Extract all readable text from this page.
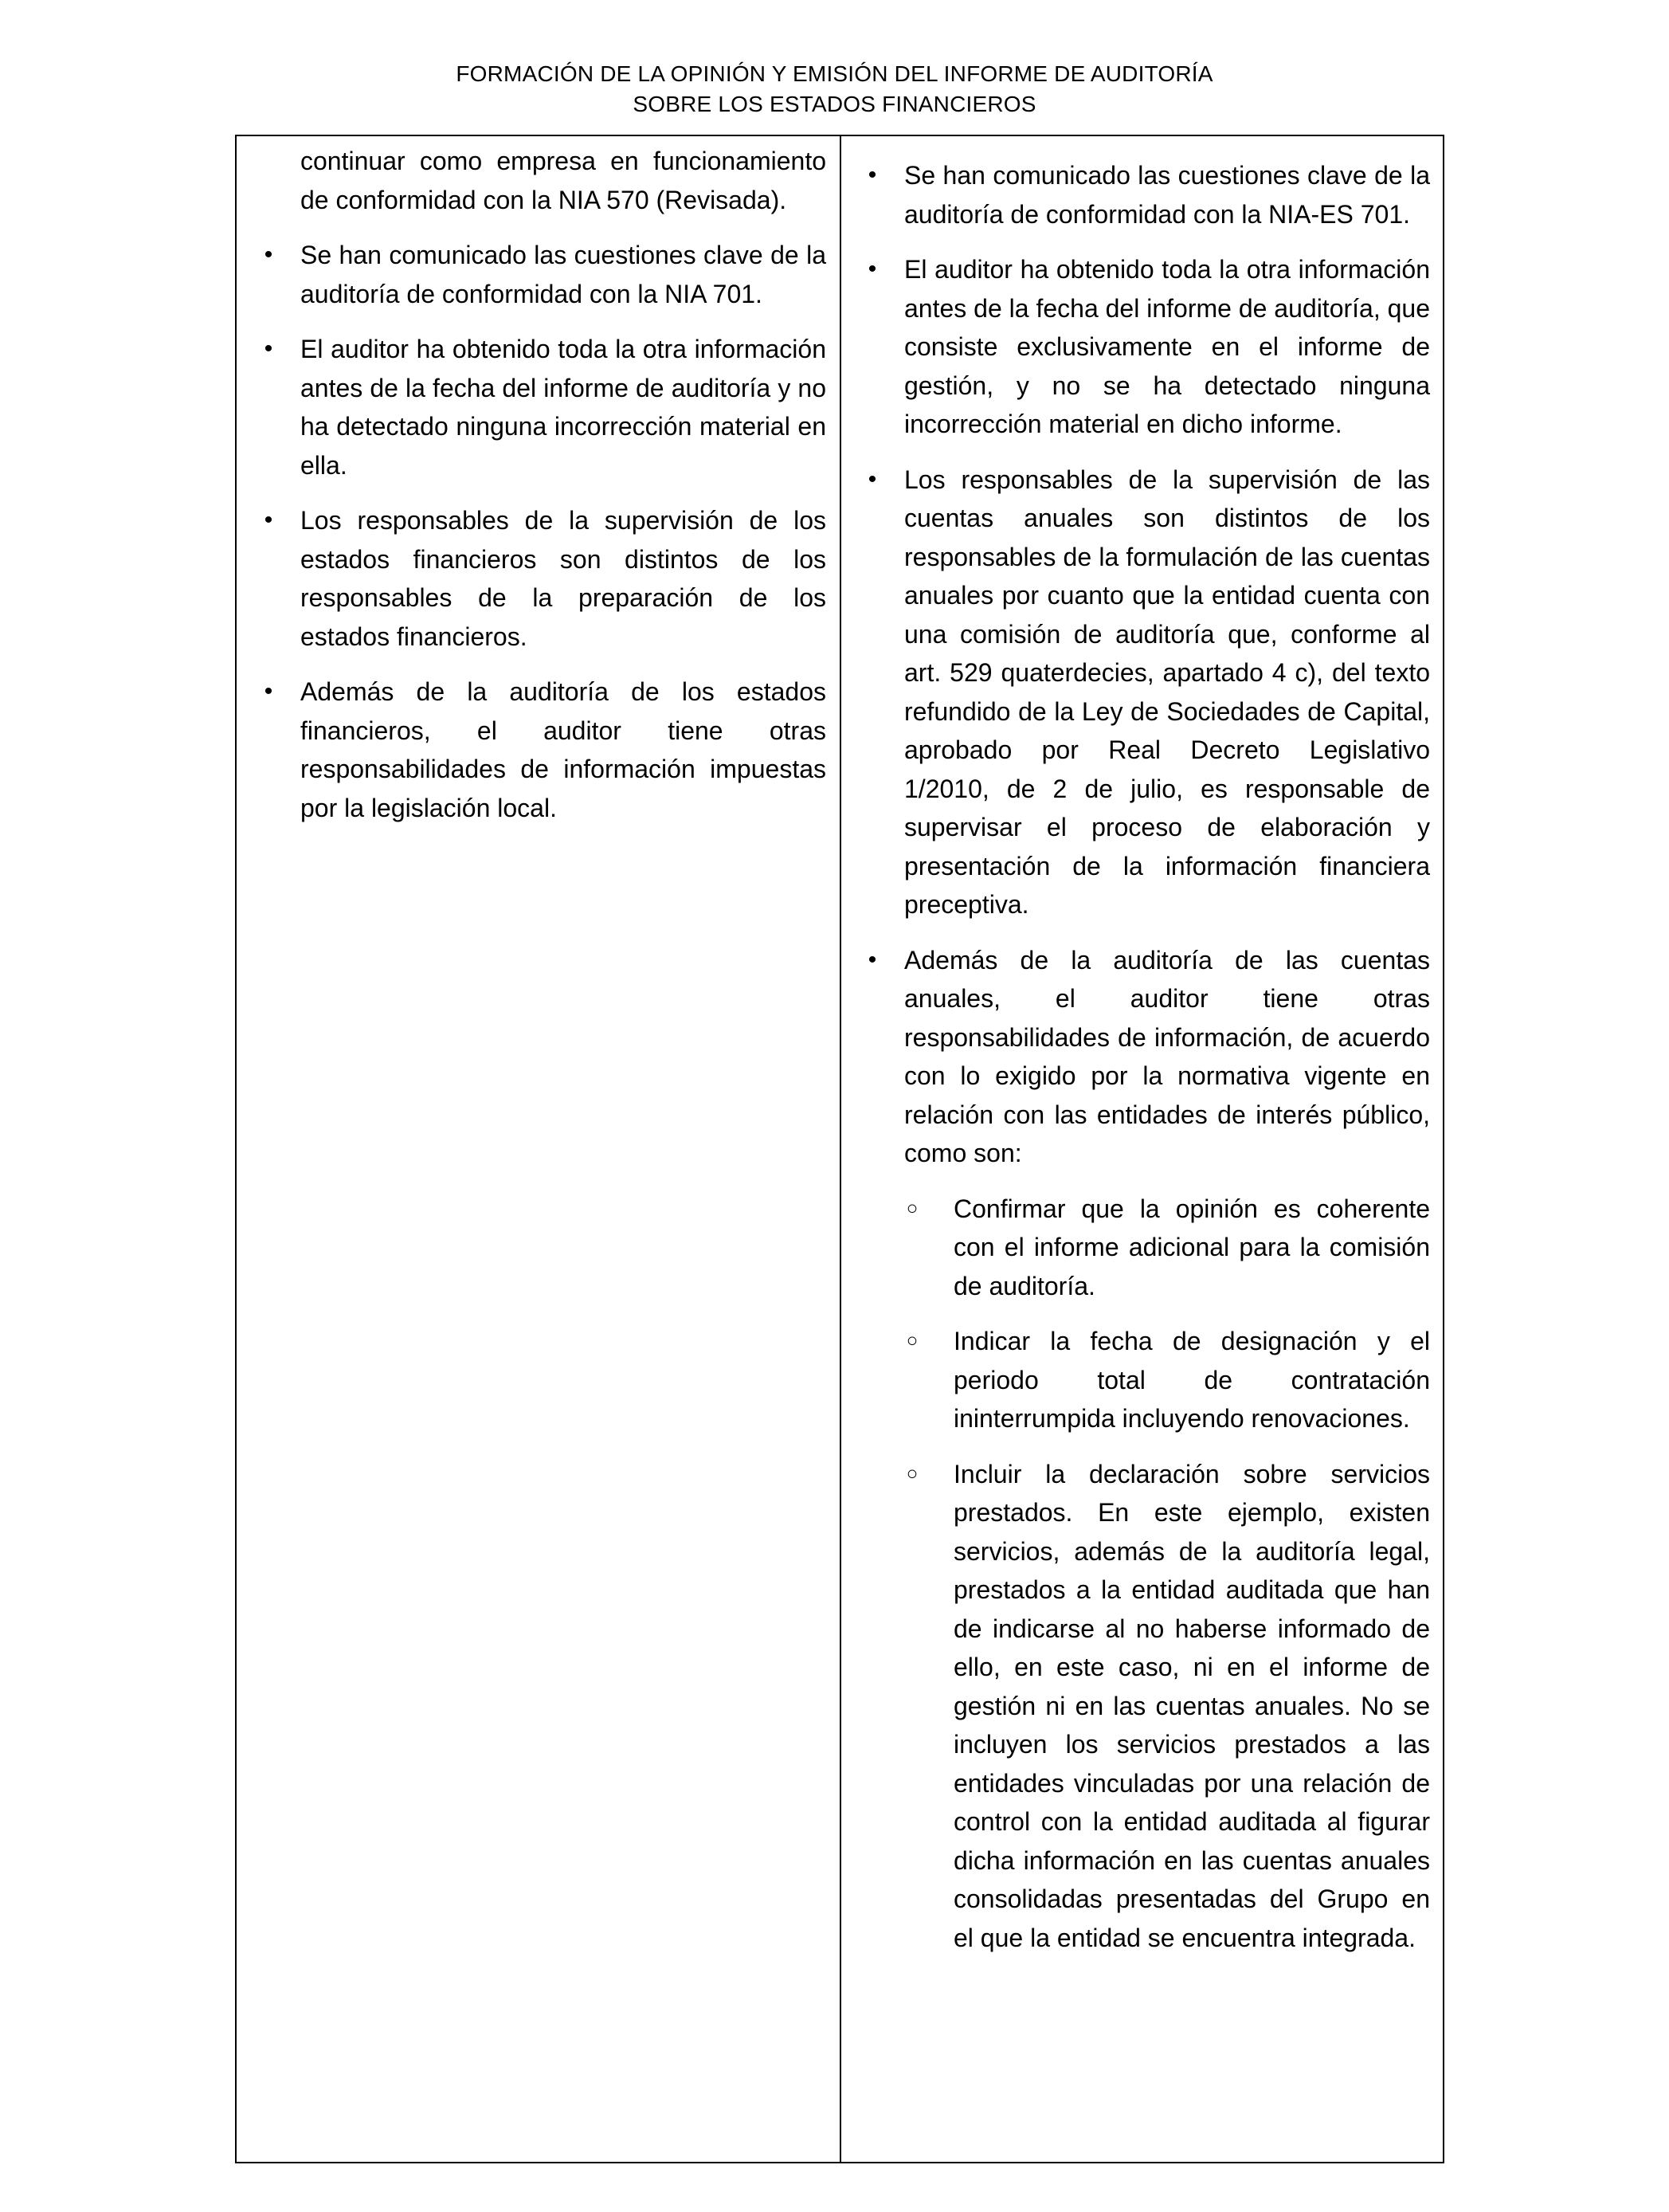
FORMACIÓN DE LA OPINIÓN Y EMISIÓN DEL INFORME DE AUDITORÍA
SOBRE LOS ESTADOS FINANCIEROS
continuar como empresa en funcionamiento de conformidad con la NIA 570 (Revisada).
• Se han comunicado las cuestiones clave de la auditoría de conformidad con la NIA 701.
• El auditor ha obtenido toda la otra información antes de la fecha del informe de auditoría y no ha detectado ninguna incorrección material en ella.
• Los responsables de la supervisión de los estados financieros son distintos de los responsables de la preparación de los estados financieros.
• Además de la auditoría de los estados financieros, el auditor tiene otras responsabilidades de información impuestas por la legislación local.
• Se han comunicado las cuestiones clave de la auditoría de conformidad con la NIA-ES 701.
• El auditor ha obtenido toda la otra información antes de la fecha del informe de auditoría, que consiste exclusivamente en el informe de gestión, y no se ha detectado ninguna incorrección material en dicho informe.
• Los responsables de la supervisión de las cuentas anuales son distintos de los responsables de la formulación de las cuentas anuales por cuanto que la entidad cuenta con una comisión de auditoría que, conforme al art. 529 quaterdecies, apartado 4 c), del texto refundido de la Ley de Sociedades de Capital, aprobado por Real Decreto Legislativo 1/2010, de 2 de julio, es responsable de supervisar el proceso de elaboración y presentación de la información financiera preceptiva.
• Además de la auditoría de las cuentas anuales, el auditor tiene otras responsabilidades de información, de acuerdo con lo exigido por la normativa vigente en relación con las entidades de interés público, como son:
○ Confirmar que la opinión es coherente con el informe adicional para la comisión de auditoría.
○ Indicar la fecha de designación y el periodo total de contratación ininterrumpida incluyendo renovaciones.
○ Incluir la declaración sobre servicios prestados. En este ejemplo, existen servicios, además de la auditoría legal, prestados a la entidad auditada que han de indicarse al no haberse informado de ello, en este caso, ni en el informe de gestión ni en las cuentas anuales. No se incluyen los servicios prestados a las entidades vinculadas por una relación de control con la entidad auditada al figurar dicha información en las cuentas anuales consolidadas presentadas del Grupo en el que la entidad se encuentra integrada.
